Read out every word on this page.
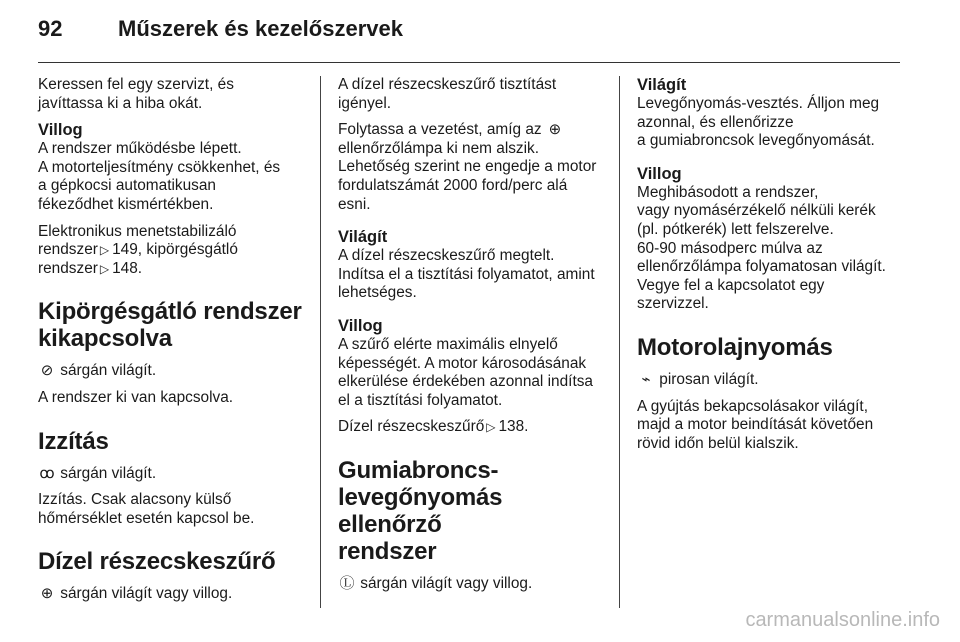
92	Műszerek és kezelőszervek

Keressen fel egy szervizt, és
javíttassa ki a hiba okát.

Villog

A rendszer működésbe lépett.
A motorteljesítmény csökkenhet, és
a gépkocsi automatikusan
fékeződhet kismértékben.

Elektronikus menetstabilizáló
rendszer ▷ 149, kipörgésgátló
rendszer ▷ 148.

Kipörgésgátló rendszer
kikapcsolva

⊘ sárgán világít.

A rendszer ki van kapcsolva.

Izzítás

ꝏ sárgán világít.

Izzítás. Csak alacsony külső
hőmérséklet esetén kapcsol be.

Dízel részecskeszűrő

⊕ sárgán világít vagy villog.

A dízel részecskeszűrő tisztítást
igényel.

Folytassa a vezetést, amíg az ⊕
ellenőrzőlámpa ki nem alszik.
Lehetőség szerint ne engedje a motor
fordulatszámát 2000 ford/perc alá
esni.

Világít

A dízel részecskeszűrő megtelt.
Indítsa el a tisztítási folyamatot, amint
lehetséges.

Villog

A szűrő elérte maximális elnyelő
képességét. A motor károsodásának
elkerülése érdekében azonnal indítsa
el a tisztítási folyamatot.

Dízel részecskeszűrő ▷ 138.

Gumiabroncs-
levegőnyomás ellenőrző
rendszer

Ⓛ sárgán világít vagy villog.

Világít

Levegőnyomás-vesztés. Álljon meg
azonnal, és ellenőrizze
a gumiabroncsok levegőnyomását.

Villog

Meghibásodott a rendszer,
vagy nyomásérzékelő nélküli kerék
(pl. pótkerék) lett felszerelve.
60-90 másodperc múlva az
ellenőrzőlámpa folyamatosan világít.
Vegye fel a kapcsolatot egy
szervizzel.

Motorolajnyomás

⌁ pirosan világít.

A gyújtás bekapcsolásakor világít,
majd a motor beindítását követően
rövid időn belül kialszik.

carmanualsonline.info
